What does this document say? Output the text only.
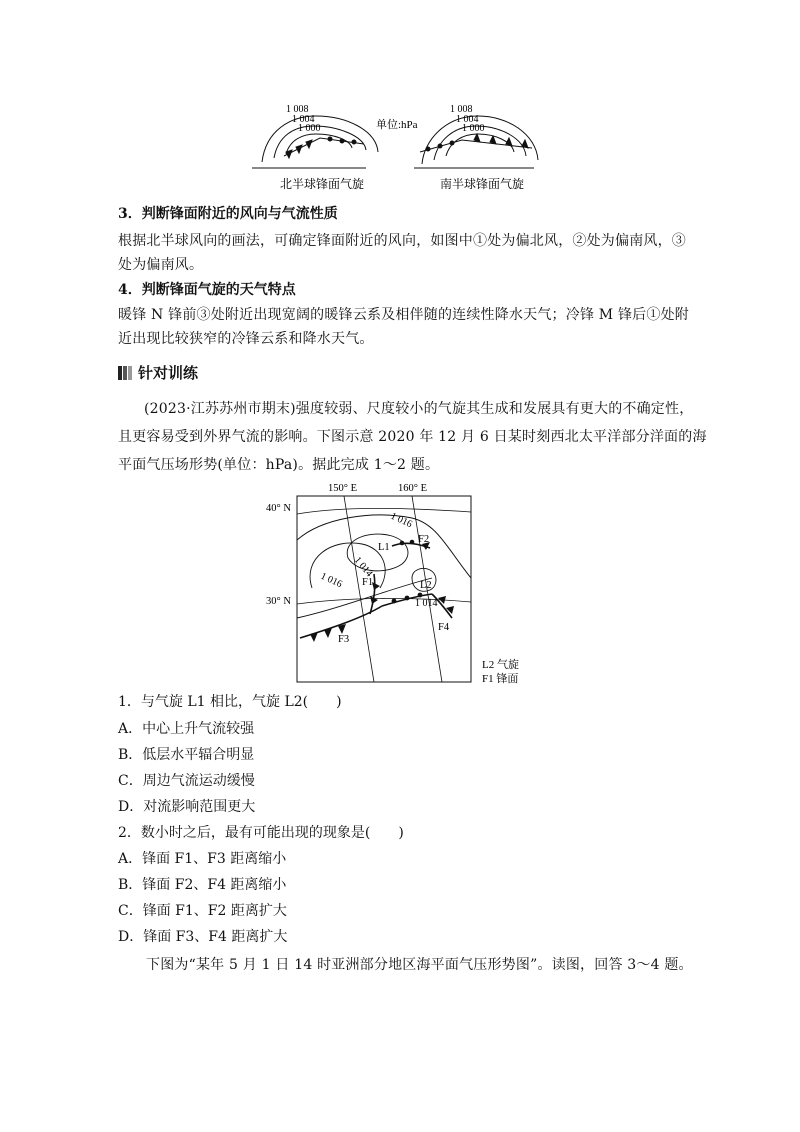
1 008
1 004
1 000	单位:hPa
北半球锋面气旋
1 008
1 004
1 000
南半球锋面气旋
3．判断锋面附近的风向与气流性质
根据北半球风向的画法，可确定锋面附近的风向，如图中①处为偏北风，②处为偏南风，③
处为偏南风。
4．判断锋面气旋的天气特点
暖锋 N 锋前③处附近出现宽阔的暖锋云系及相伴随的连续性降水天气；冷锋 M 锋后①处附
近出现比较狭窄的冷锋云系和降水天气。
针对训练
(2023·江苏苏州市期末)强度较弱、尺度较小的气旋其生成和发展具有更大的不确定性，
且更容易受到外界气流的影响。下图示意 2020 年 12 月 6 日某时刻西北太平洋部分洋面的海
平面气压场形势(单位：hPa)。据此完成 1～2 题。
150° E	160° E
40° N
30° N
1 016
1 014
1 016
1 014
L1
L2
F1
F2
F3
F4
L2 气旋
F1 锋面
1．与气旋 L1 相比，气旋 L2(　　)
A．中心上升气流较强
B．低层水平辐合明显
C．周边气流运动缓慢
D．对流影响范围更大
2．数小时之后，最有可能出现的现象是(　　)
A．锋面 F1、F3 距离缩小
B．锋面 F2、F4 距离缩小
C．锋面 F1、F2 距离扩大
D．锋面 F3、F4 距离扩大
下图为“某年 5 月 1 日 14 时亚洲部分地区海平面气压形势图”。读图，回答 3～4 题。
